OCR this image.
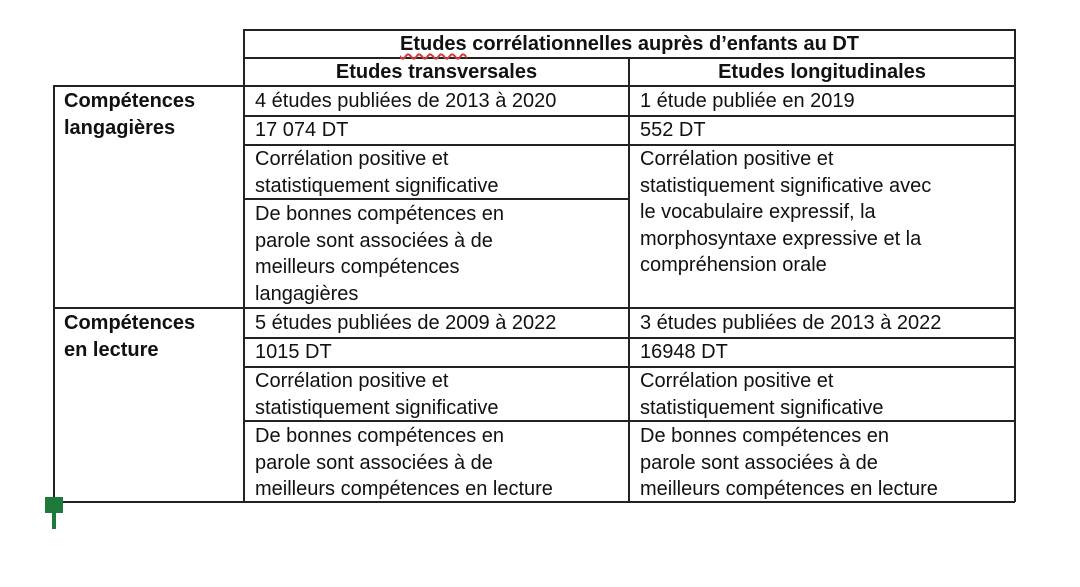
Etudes corrélationnelles auprès d’enfants au DT
Etudes transversales	Etudes longitudinales
Compétences
langagières
4 études publiées de 2013 à 2020
17 074 DT
Corrélation positive et
statistiquement significative
De bonnes compétences en
parole sont associées à de
meilleurs compétences
langagières
1 étude publiée en 2019
552 DT
Corrélation positive et
statistiquement significative avec
le vocabulaire expressif, la
morphosyntaxe expressive et la
compréhension orale
Compétences
en lecture
5 études publiées de 2009 à 2022
1015 DT
Corrélation positive et
statistiquement significative
De bonnes compétences en
parole sont associées à de
meilleurs compétences en lecture
3 études publiées de 2013 à 2022
16948 DT
Corrélation positive et
statistiquement significative
De bonnes compétences en
parole sont associées à de
meilleurs compétences en lecture
